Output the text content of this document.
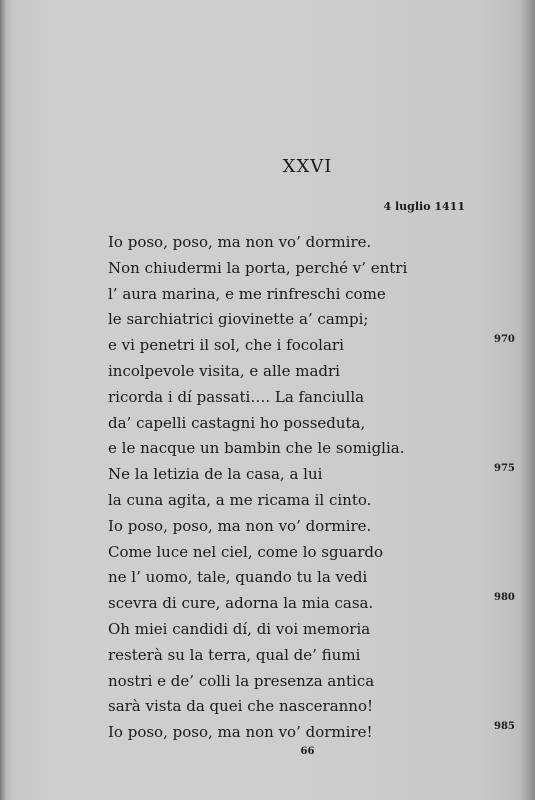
XXVI
4 luglio 1411
Io poso, poso, ma non vo’ dormire.
Non chiudermi la porta, perché v’ entri
l’ aura marina, e me rinfreschi come
le sarchiatrici giovinette a’ campi;
e vi penetri il sol, che i focolari	970
incolpevole visita, e alle madri
ricorda i dí passati…. La fanciulla
da’ capelli castagni ho posseduta,
e le nacque un bambin che le somiglia.
Ne la letizia de la casa, a lui	975
la cuna agita, a me ricama il cinto.
Io poso, poso, ma non vo’ dormire.
Come luce nel ciel, come lo sguardo
ne l’ uomo, tale, quando tu la vedi
scevra di cure, adorna la mia casa.	980
Oh miei candidi dí, di voi memoria
resterà su la terra, qual de’ fiumi
nostri e de’ colli la presenza antica
sarà vista da quei che nasceranno!
Io poso, poso, ma non vo’ dormire!	985
66
